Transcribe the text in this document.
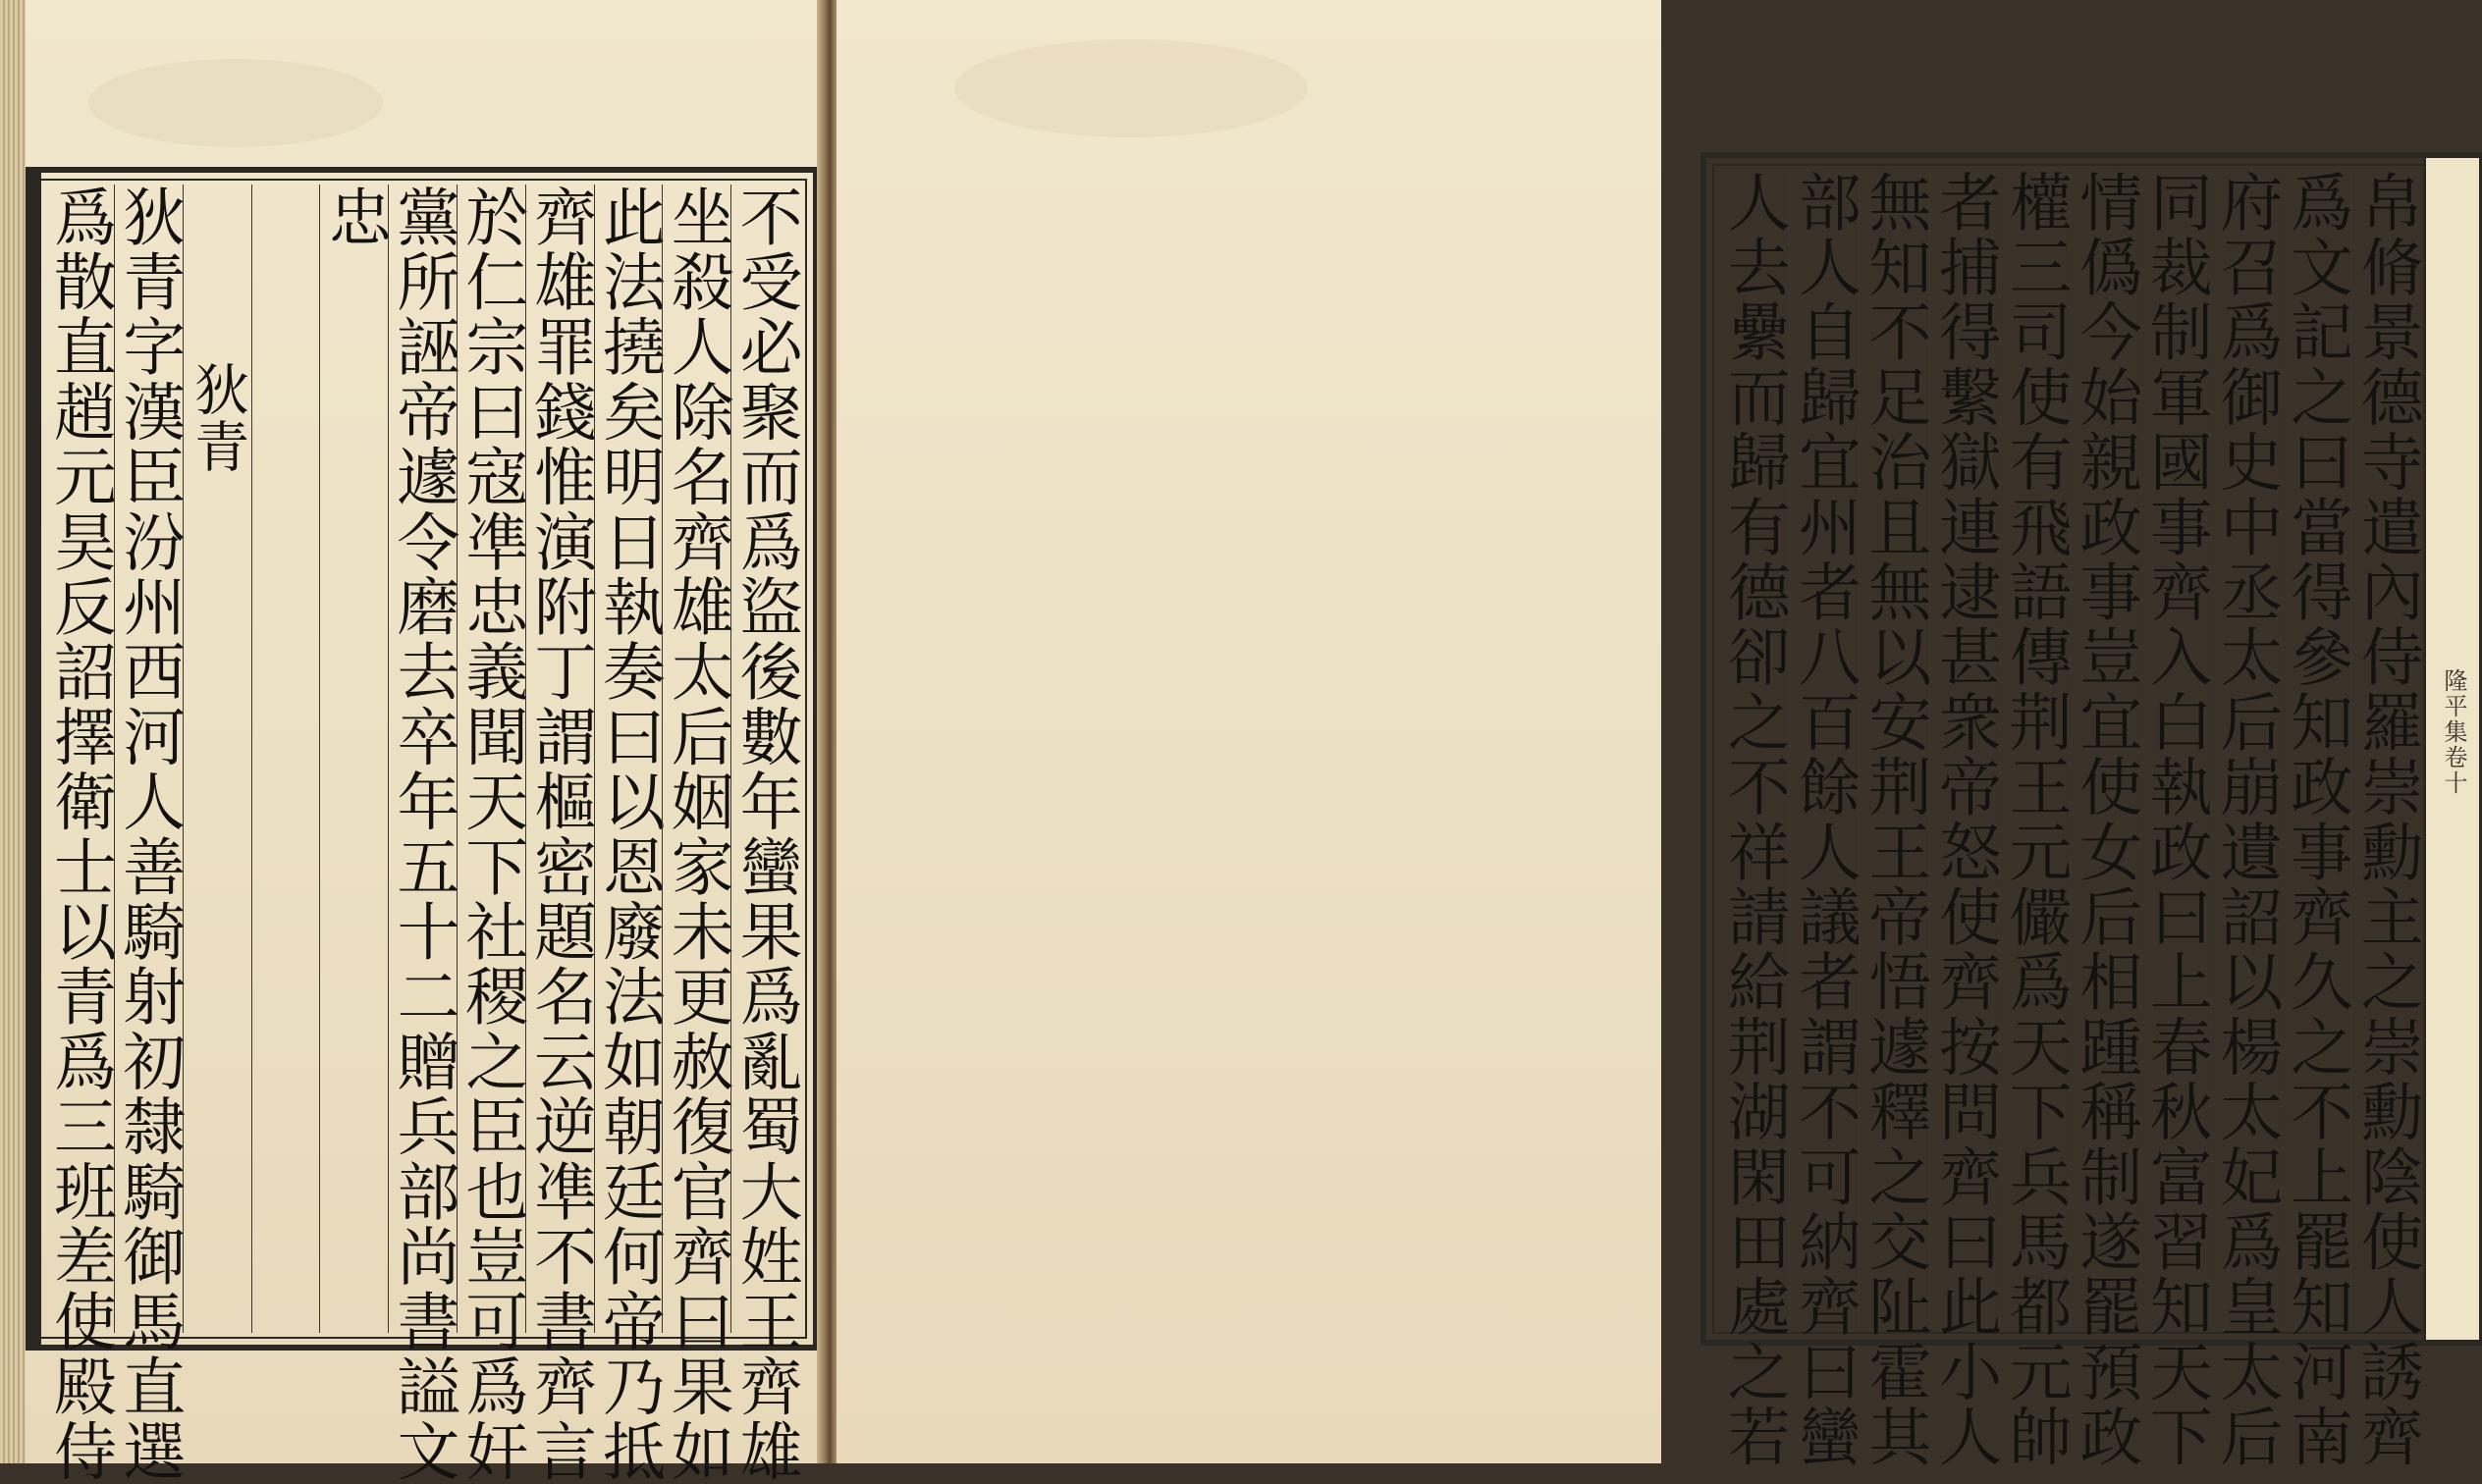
不受必聚而爲盜後數年蠻果爲亂蜀大姓王齊雄
坐殺人除名齊雄太后姻家未更赦復官齊曰果如
此法撓矣明日執奏曰以恩廢法如朝廷何帝乃抵
齊雄罪錢惟演附丁謂樞密題名云逆凖不書齊言
於仁宗曰寇凖忠義聞天下社稷之臣也豈可爲奸
黨所誣帝遽令磨去卒年五十二贈兵部尚書謚文
忠
狄青
狄青字漢臣汾州西河人善騎射初隸騎御馬直選
爲散直趙元昊反詔擇衛士以青爲三班差使殿侍	帛脩景德寺遣內侍羅崇勳主之崇勳陰使人誘齊
爲文記之曰當得參知政事齊久之不上罷知河南
府召爲御史中丞太后崩遺詔以楊太妃爲皇太后
同裁制軍國事齊入白執政曰上春秋富習知天下
情僞今始親政事豈宜使女后相踵稱制遂罷預政
權三司使有飛語傳荆王元儼爲天下兵馬都元帥
者捕得繫獄連逮甚衆帝怒使齊按問齊曰此小人
無知不足治且無以安荆王帝悟遽釋之交阯霍其
部人自歸宜州者八百餘人議者謂不可納齊曰蠻
人去纍而歸有德卻之不祥請給荆湖閑田處之若	隆平集卷十
